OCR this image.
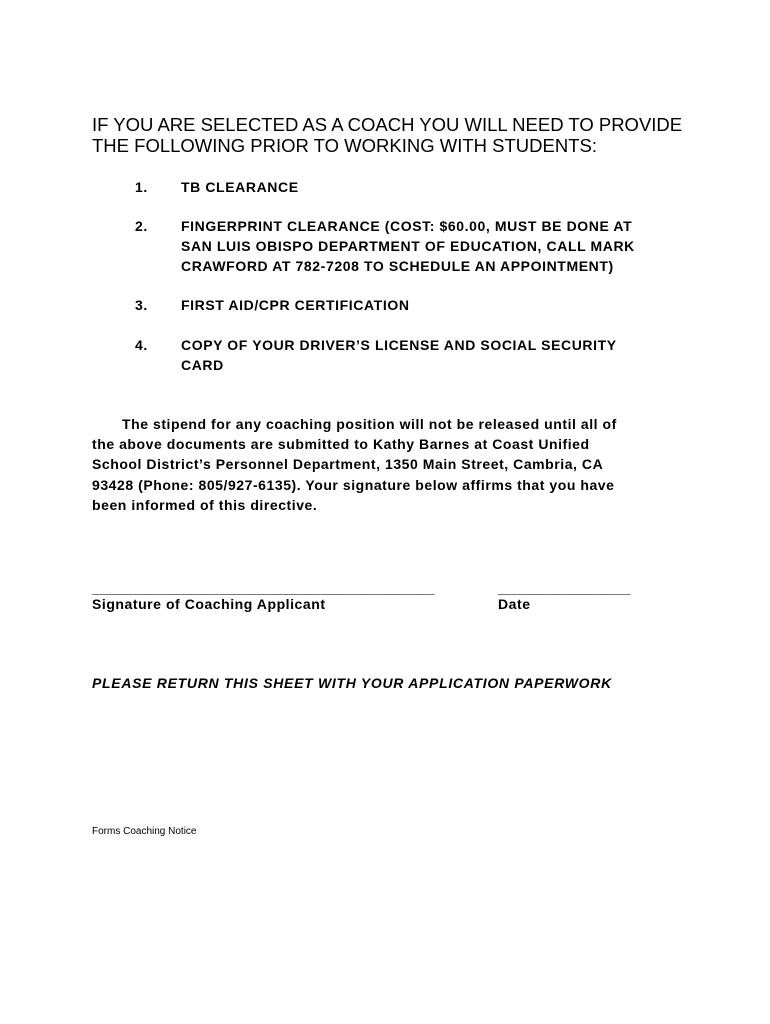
IF YOU ARE SELECTED AS A COACH YOU WILL NEED TO PROVIDE
THE FOLLOWING PRIOR TO WORKING WITH STUDENTS:
1.	TB CLEARANCE
2.	FINGERPRINT CLEARANCE (COST: $60.00, MUST BE DONE AT
SAN LUIS OBISPO DEPARTMENT OF EDUCATION, CALL MARK
CRAWFORD AT 782-7208 TO SCHEDULE AN APPOINTMENT)
3.	FIRST AID/CPR CERTIFICATION
4.	COPY OF YOUR DRIVER’S LICENSE AND SOCIAL SECURITY
CARD

The stipend for any coaching position will not be released until all of
the above documents are submitted to Kathy Barnes at Coast Unified
School District’s Personnel Department, 1350 Main Street, Cambria, CA
93428 (Phone: 805/927-6135). Your signature below affirms that you have
been informed of this directive.

____________________________________________
Signature of Coaching Applicant
_________________
Date

PLEASE RETURN THIS SHEET WITH YOUR APPLICATION PAPERWORK

Forms Coaching Notice
